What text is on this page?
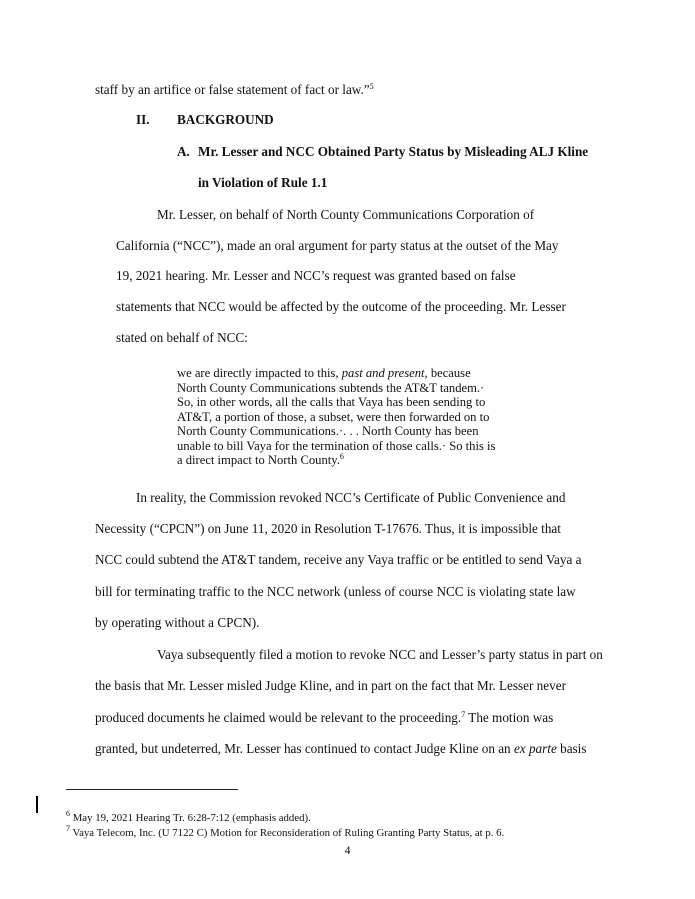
staff by an artifice or false statement of fact or law.”$^5$
II. BACKGROUND
A. Mr. Lesser and NCC Obtained Party Status by Misleading ALJ Kline
in Violation of Rule 1.1
Mr. Lesser, on behalf of North County Communications Corporation of
California (“NCC”), made an oral argument for party status at the outset of the May
19, 2021 hearing. Mr. Lesser and NCC’s request was granted based on false
statements that NCC would be affected by the outcome of the proceeding. Mr. Lesser
stated on behalf of NCC:
we are directly impacted to this, past and present, because
North County Communications subtends the AT&T tandem.·
So, in other words, all the calls that Vaya has been sending to
AT&T, a portion of those, a subset, were then forwarded on to
North County Communications.·. . . North County has been
unable to bill Vaya for the termination of those calls.· So this is
a direct impact to North County.$^6$
In reality, the Commission revoked NCC’s Certificate of Public Convenience and
Necessity (“CPCN”) on June 11, 2020 in Resolution T-17676. Thus, it is impossible that
NCC could subtend the AT&T tandem, receive any Vaya traffic or be entitled to send Vaya a
bill for terminating traffic to the NCC network (unless of course NCC is violating state law
by operating without a CPCN).
Vaya subsequently filed a motion to revoke NCC and Lesser’s party status in part on
the basis that Mr. Lesser misled Judge Kline, and in part on the fact that Mr. Lesser never
produced documents he claimed would be relevant to the proceeding.$^7$ The motion was
granted, but undeterred, Mr. Lesser has continued to contact Judge Kline on an ex parte basis
$^6$ May 19, 2021 Hearing Tr. 6:28-7:12 (emphasis added).
$^7$ Vaya Telecom, Inc. (U 7122 C) Motion for Reconsideration of Ruling Granting Party Status, at p. 6.
4
